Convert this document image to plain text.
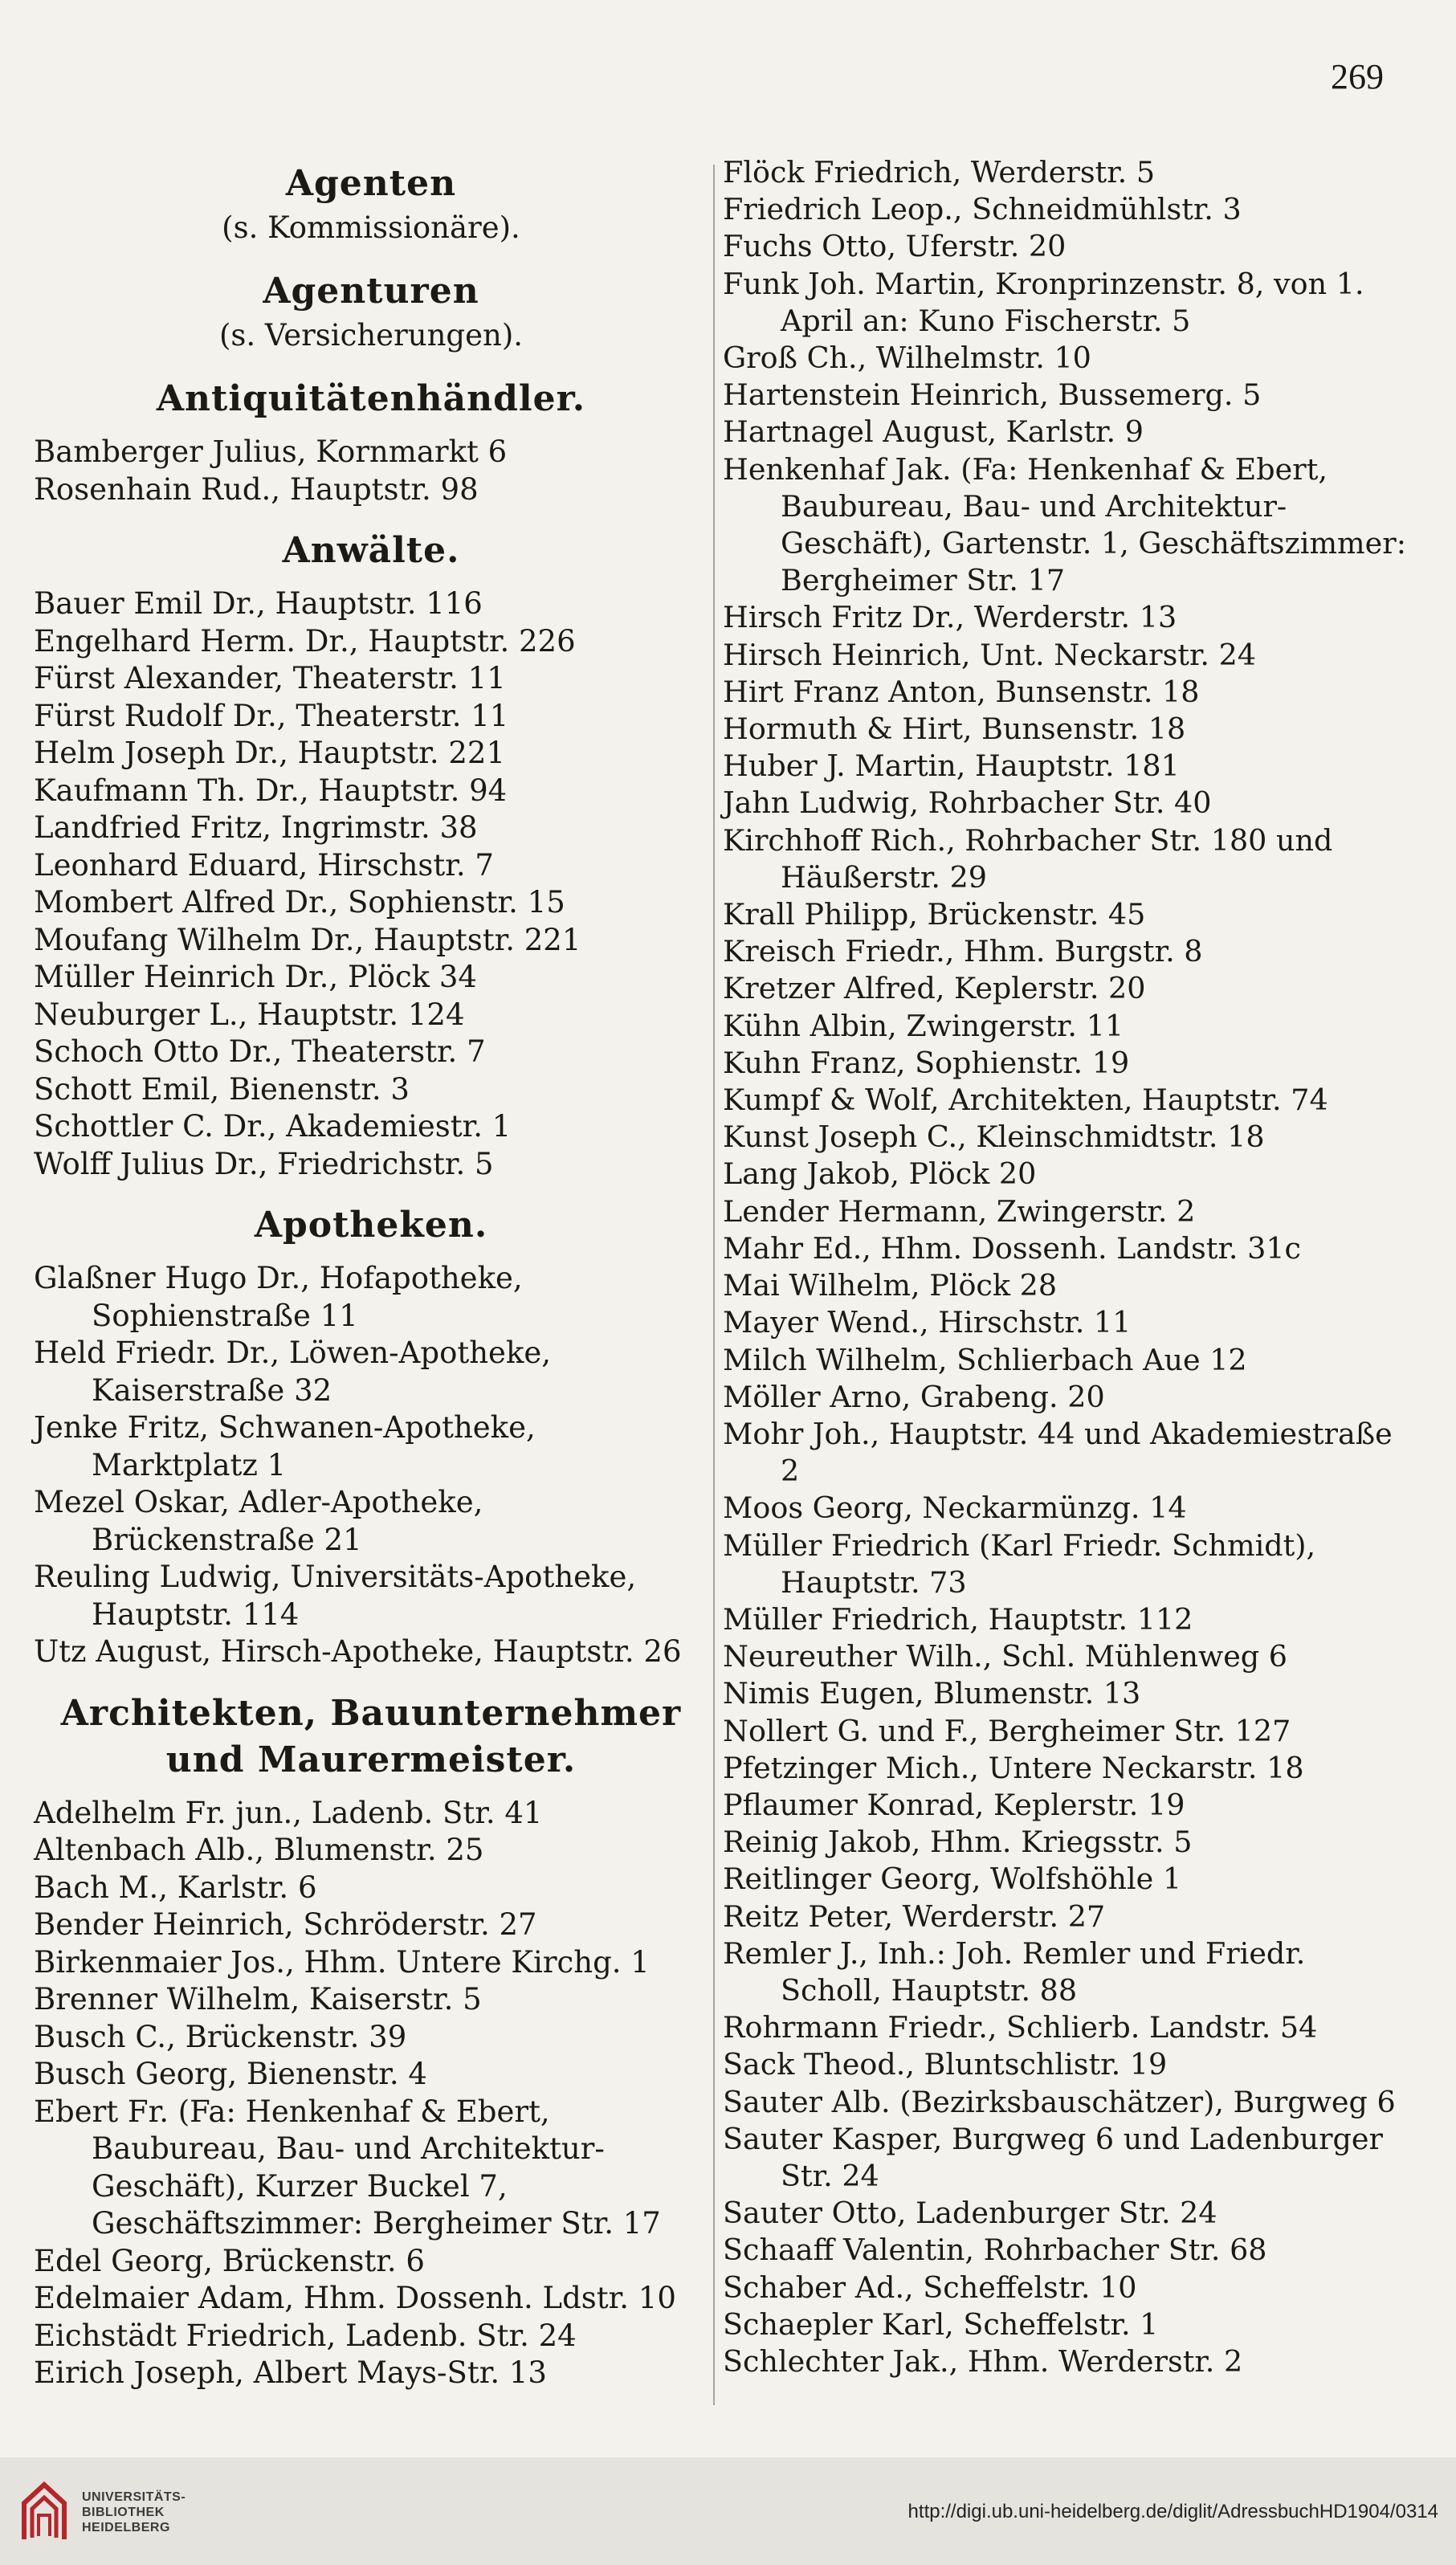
269
Agenten
(s. Kommissionäre).
Agenturen
(s. Versicherungen).
Antiquitätenhändler.
Bamberger Julius, Kornmarkt 6
Rosenhain Rud., Hauptstr. 98
Anwälte.
Bauer Emil Dr., Hauptstr. 116
Engelhard Herm. Dr., Hauptstr. 226
Fürst Alexander, Theaterstr. 11
Fürst Rudolf Dr., Theaterstr. 11
Helm Joseph Dr., Hauptstr. 221
Kaufmann Th. Dr., Hauptstr. 94
Landfried Fritz, Ingrimstr. 38
Leonhard Eduard, Hirschstr. 7
Mombert Alfred Dr., Sophienstr. 15
Moufang Wilhelm Dr., Hauptstr. 221
Müller Heinrich Dr., Plöck 34
Neuburger L., Hauptstr. 124
Schoch Otto Dr., Theaterstr. 7
Schott Emil, Bienenstr. 3
Schottler C. Dr., Akademiestr. 1
Wolff Julius Dr., Friedrichstr. 5
Apotheken.
Glaßner Hugo Dr., Hofapotheke, Sophienstraße 11
Held Friedr. Dr., Löwen-Apotheke, Kaiserstraße 32
Jenke Fritz, Schwanen-Apotheke, Marktplatz 1
Mezel Oskar, Adler-Apotheke, Brückenstraße 21
Reuling Ludwig, Universitäts-Apotheke, Hauptstr. 114
Utz August, Hirsch-Apotheke, Hauptstr. 26
Architekten, Bauunternehmer und Maurermeister.
Adelhelm Fr. jun., Ladenb. Str. 41
Altenbach Alb., Blumenstr. 25
Bach M., Karlstr. 6
Bender Heinrich, Schröderstr. 27
Birkenmaier Jos., Hhm. Untere Kirchg. 1
Brenner Wilhelm, Kaiserstr. 5
Busch C., Brückenstr. 39
Busch Georg, Bienenstr. 4
Ebert Fr. (Fa: Henkenhaf & Ebert, Baubureau, Bau- und Architektur-Geschäft), Kurzer Buckel 7, Geschäftszimmer: Bergheimer Str. 17
Edel Georg, Brückenstr. 6
Edelmaier Adam, Hhm. Dossenh. Ldstr. 10
Eichstädt Friedrich, Ladenb. Str. 24
Eirich Joseph, Albert Mays-Str. 13
Flöck Friedrich, Werderstr. 5
Friedrich Leop., Schneidmühlstr. 3
Fuchs Otto, Uferstr. 20
Funk Joh. Martin, Kronprinzenstr. 8, von 1. April an: Kuno Fischerstr. 5
Groß Ch., Wilhelmstr. 10
Hartenstein Heinrich, Bussemerg. 5
Hartnagel August, Karlstr. 9
Henkenhaf Jak. (Fa: Henkenhaf & Ebert, Baubureau, Bau- und Architektur-Geschäft), Gartenstr. 1, Geschäftszimmer: Bergheimer Str. 17
Hirsch Fritz Dr., Werderstr. 13
Hirsch Heinrich, Unt. Neckarstr. 24
Hirt Franz Anton, Bunsenstr. 18
Hormuth & Hirt, Bunsenstr. 18
Huber J. Martin, Hauptstr. 181
Jahn Ludwig, Rohrbacher Str. 40
Kirchhoff Rich., Rohrbacher Str. 180 und Häußerstr. 29
Krall Philipp, Brückenstr. 45
Kreisch Friedr., Hhm. Burgstr. 8
Kretzer Alfred, Keplerstr. 20
Kühn Albin, Zwingerstr. 11
Kuhn Franz, Sophienstr. 19
Kumpf & Wolf, Architekten, Hauptstr. 74
Kunst Joseph C., Kleinschmidtstr. 18
Lang Jakob, Plöck 20
Lender Hermann, Zwingerstr. 2
Mahr Ed., Hhm. Dossenh. Landstr. 31c
Mai Wilhelm, Plöck 28
Mayer Wend., Hirschstr. 11
Milch Wilhelm, Schlierbach Aue 12
Möller Arno, Grabeng. 20
Mohr Joh., Hauptstr. 44 und Akademiestraße 2
Moos Georg, Neckarmünzg. 14
Müller Friedrich (Karl Friedr. Schmidt), Hauptstr. 73
Müller Friedrich, Hauptstr. 112
Neureuther Wilh., Schl. Mühlenweg 6
Nimis Eugen, Blumenstr. 13
Nollert G. und F., Bergheimer Str. 127
Pfetzinger Mich., Untere Neckarstr. 18
Pflaumer Konrad, Keplerstr. 19
Reinig Jakob, Hhm. Kriegsstr. 5
Reitlinger Georg, Wolfshöhle 1
Reitz Peter, Werderstr. 27
Remler J., Inh.: Joh. Remler und Friedr. Scholl, Hauptstr. 88
Rohrmann Friedr., Schlierb. Landstr. 54
Sack Theod., Bluntschlistr. 19
Sauter Alb. (Bezirksbauschätzer), Burgweg 6
Sauter Kasper, Burgweg 6 und Ladenburger Str. 24
Sauter Otto, Ladenburger Str. 24
Schaaff Valentin, Rohrbacher Str. 68
Schaber Ad., Scheffelstr. 10
Schaepler Karl, Scheffelstr. 1
Schlechter Jak., Hhm. Werderstr. 2
UNIVERSITÄTS-
BIBLIOTHEK
HEIDELBERG
http://digi.ub.uni-heidelberg.de/diglit/AdressbuchHD1904/0314
